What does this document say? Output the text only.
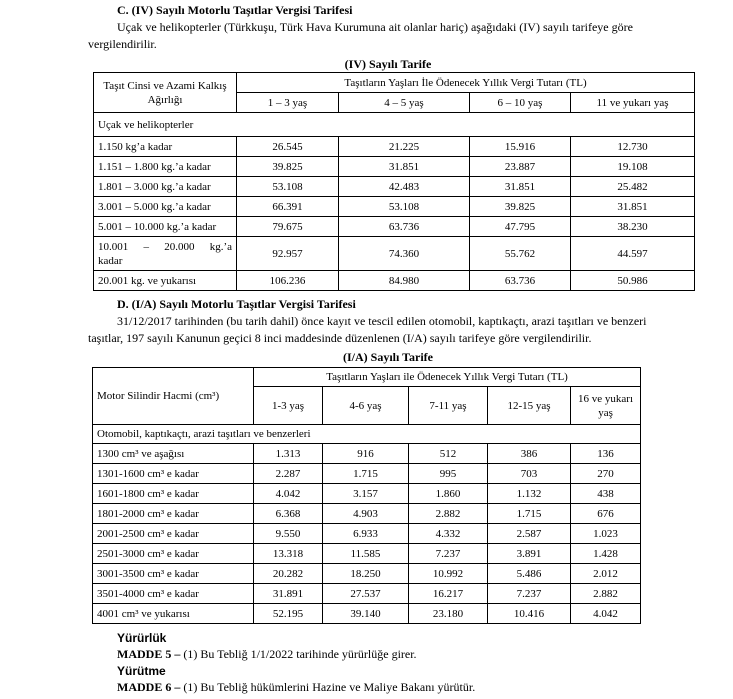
C. (IV) Sayılı Motorlu Taşıtlar Vergisi Tarifesi
Uçak ve helikopterler (Türkkuşu, Türk Hava Kurumuna ait olanlar hariç) aşağıdaki (IV) sayılı tarifeye göre
vergilendirilir.
(IV) Sayılı Tarife
Taşıt Cinsi ve Azami Kalkış Ağırlığı	Taşıtların Yaşları İle Ödenecek Yıllık Vergi Tutarı (TL)			
	1 – 3 yaş	4 – 5 yaş	6 – 10 yaş	11 ve yukarı yaş
Uçak ve helikopterler				
1.150 kg’a kadar	26.545	21.225	15.916	12.730
1.151 – 1.800 kg.’a kadar	39.825	31.851	23.887	19.108
1.801 – 3.000 kg.’a kadar	53.108	42.483	31.851	25.482
3.001 – 5.000 kg.’a kadar	66.391	53.108	39.825	31.851
5.001 – 10.000 kg.’a kadar	79.675	63.736	47.795	38.230

10.001 – 20.000 kg.’a
kadar	92.957	74.360	55.762	44.597
20.001 kg. ve yukarısı	106.236	84.980	63.736	50.986
D. (I/A) Sayılı Motorlu Taşıtlar Vergisi Tarifesi
31/12/2017 tarihinden (bu tarih dahil) önce kayıt ve tescil edilen otomobil, kaptıkaçtı, arazi taşıtları ve benzeri
taşıtlar, 197 sayılı Kanunun geçici 8 inci maddesinde düzenlenen (I/A) sayılı tarifeye göre vergilendirilir.
(I/A) Sayılı Tarife
Motor Silindir Hacmi (cm³)	Taşıtların Yaşları ile Ödenecek Yıllık Vergi Tutarı (TL)				
	1-3 yaş	4-6 yaş	7-11 yaş	12-15 yaş	16 ve yukarı
yaş

Otomobil, kaptıkaçtı, arazi taşıtları ve benzerleri					
1300 cm³ ve aşağısı	1.313	916	512	386	136
1301-1600 cm³ e kadar	2.287	1.715	995	703	270
1601-1800 cm³ e kadar	4.042	3.157	1.860	1.132	438
1801-2000 cm³ e kadar	6.368	4.903	2.882	1.715	676
2001-2500 cm³ e kadar	9.550	6.933	4.332	2.587	1.023
2501-3000 cm³ e kadar	13.318	11.585	7.237	3.891	1.428
3001-3500 cm³ e kadar	20.282	18.250	10.992	5.486	2.012
3501-4000 cm³ e kadar	31.891	27.537	16.217	7.237	2.882
4001 cm³ ve yukarısı	52.195	39.140	23.180	10.416	4.042
Yürürlük
MADDE 5 – (1) Bu Tebliğ 1/1/2022 tarihinde yürürlüğe girer.
Yürütme
MADDE 6 – (1) Bu Tebliğ hükümlerini Hazine ve Maliye Bakanı yürütür.
